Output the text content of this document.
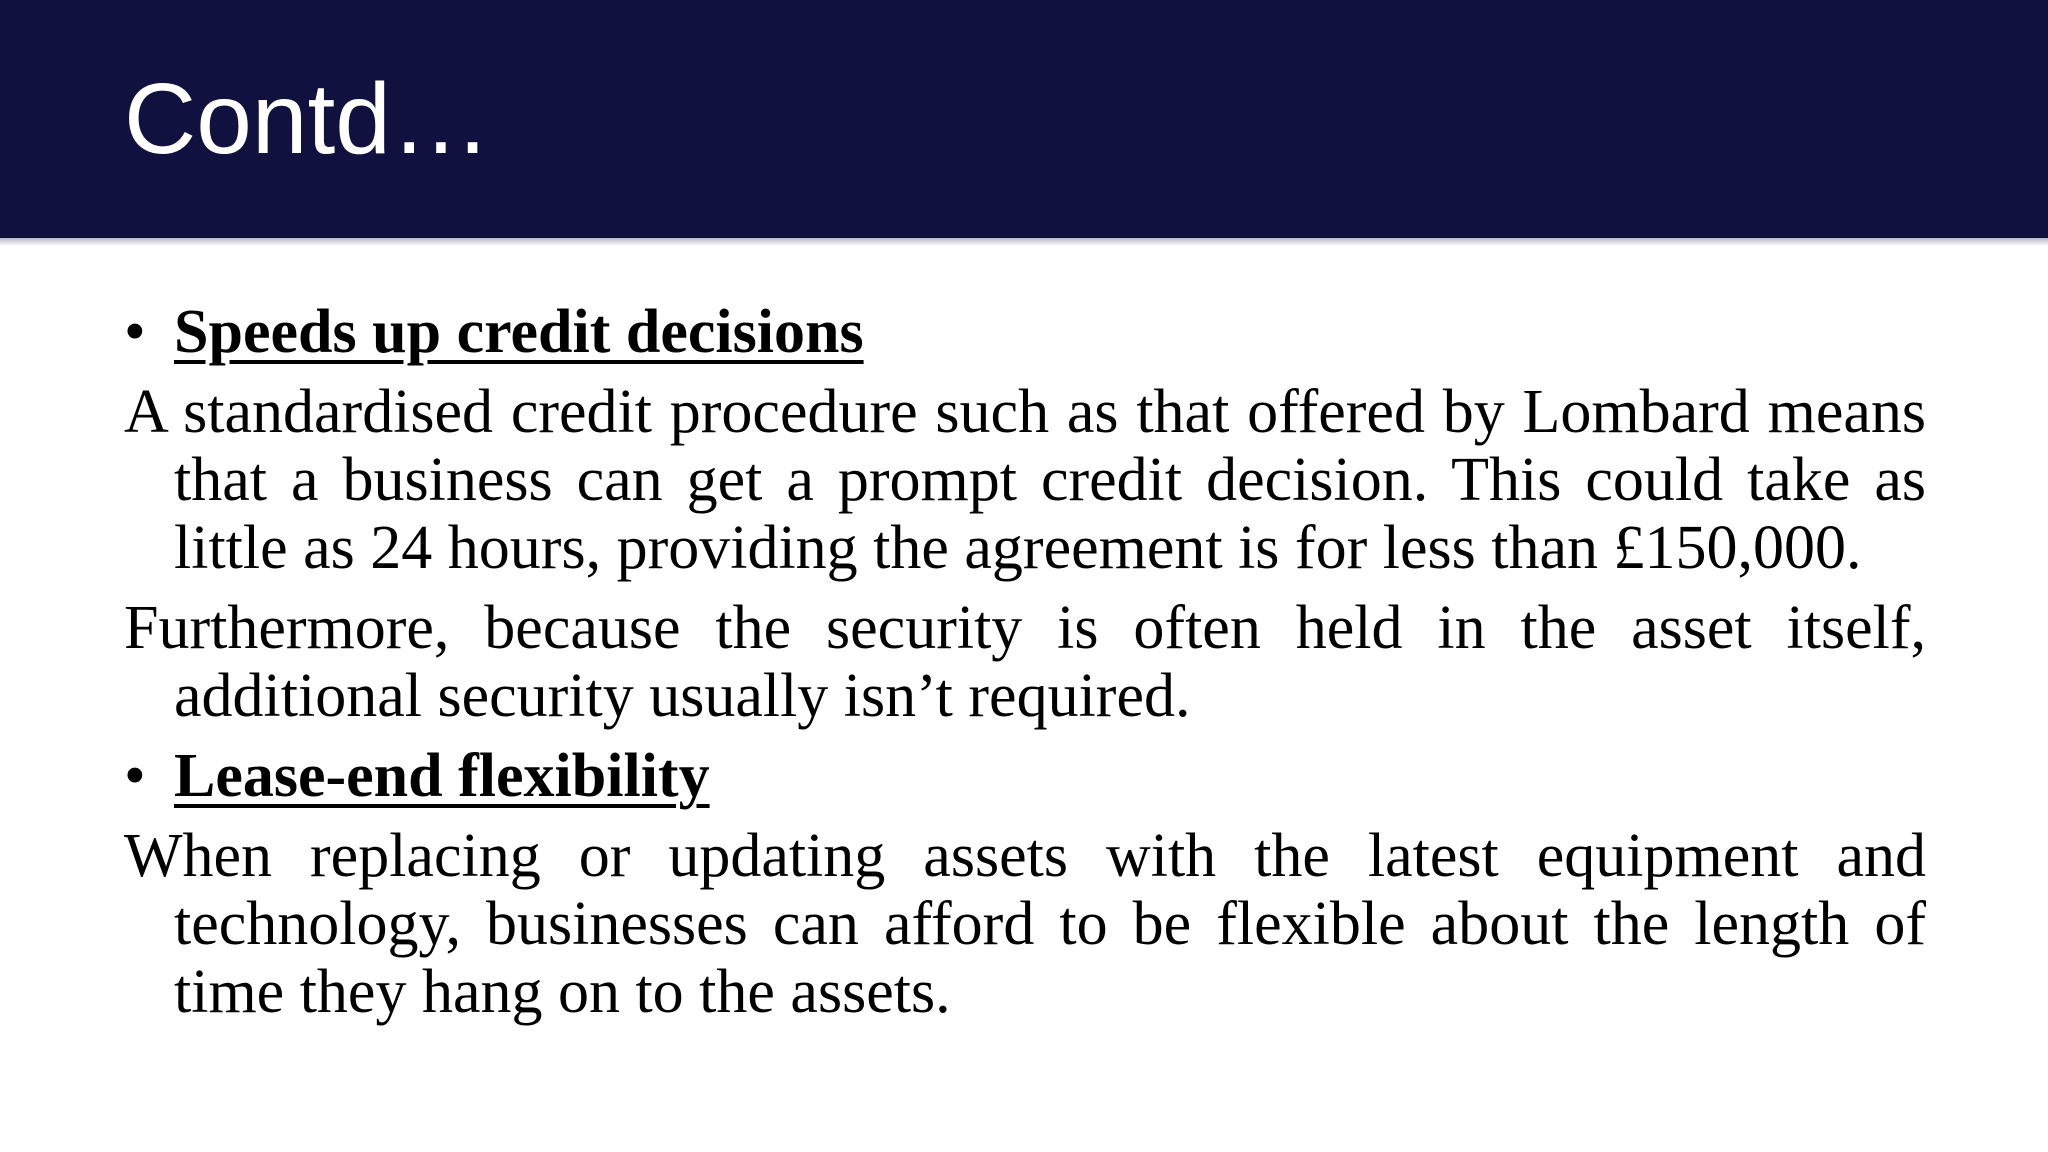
Contd…
• Speeds up credit decisions

A standardised credit procedure such as that offered by Lombard means that a business can get a prompt credit decision. This could take as little as 24 hours, providing the agreement is for less than £150,000.

Furthermore, because the security is often held in the asset itself, additional security usually isn’t required.

• Lease-end flexibility

When replacing or updating assets with the latest equipment and technology, businesses can afford to be flexible about the length of time they hang on to the assets.
